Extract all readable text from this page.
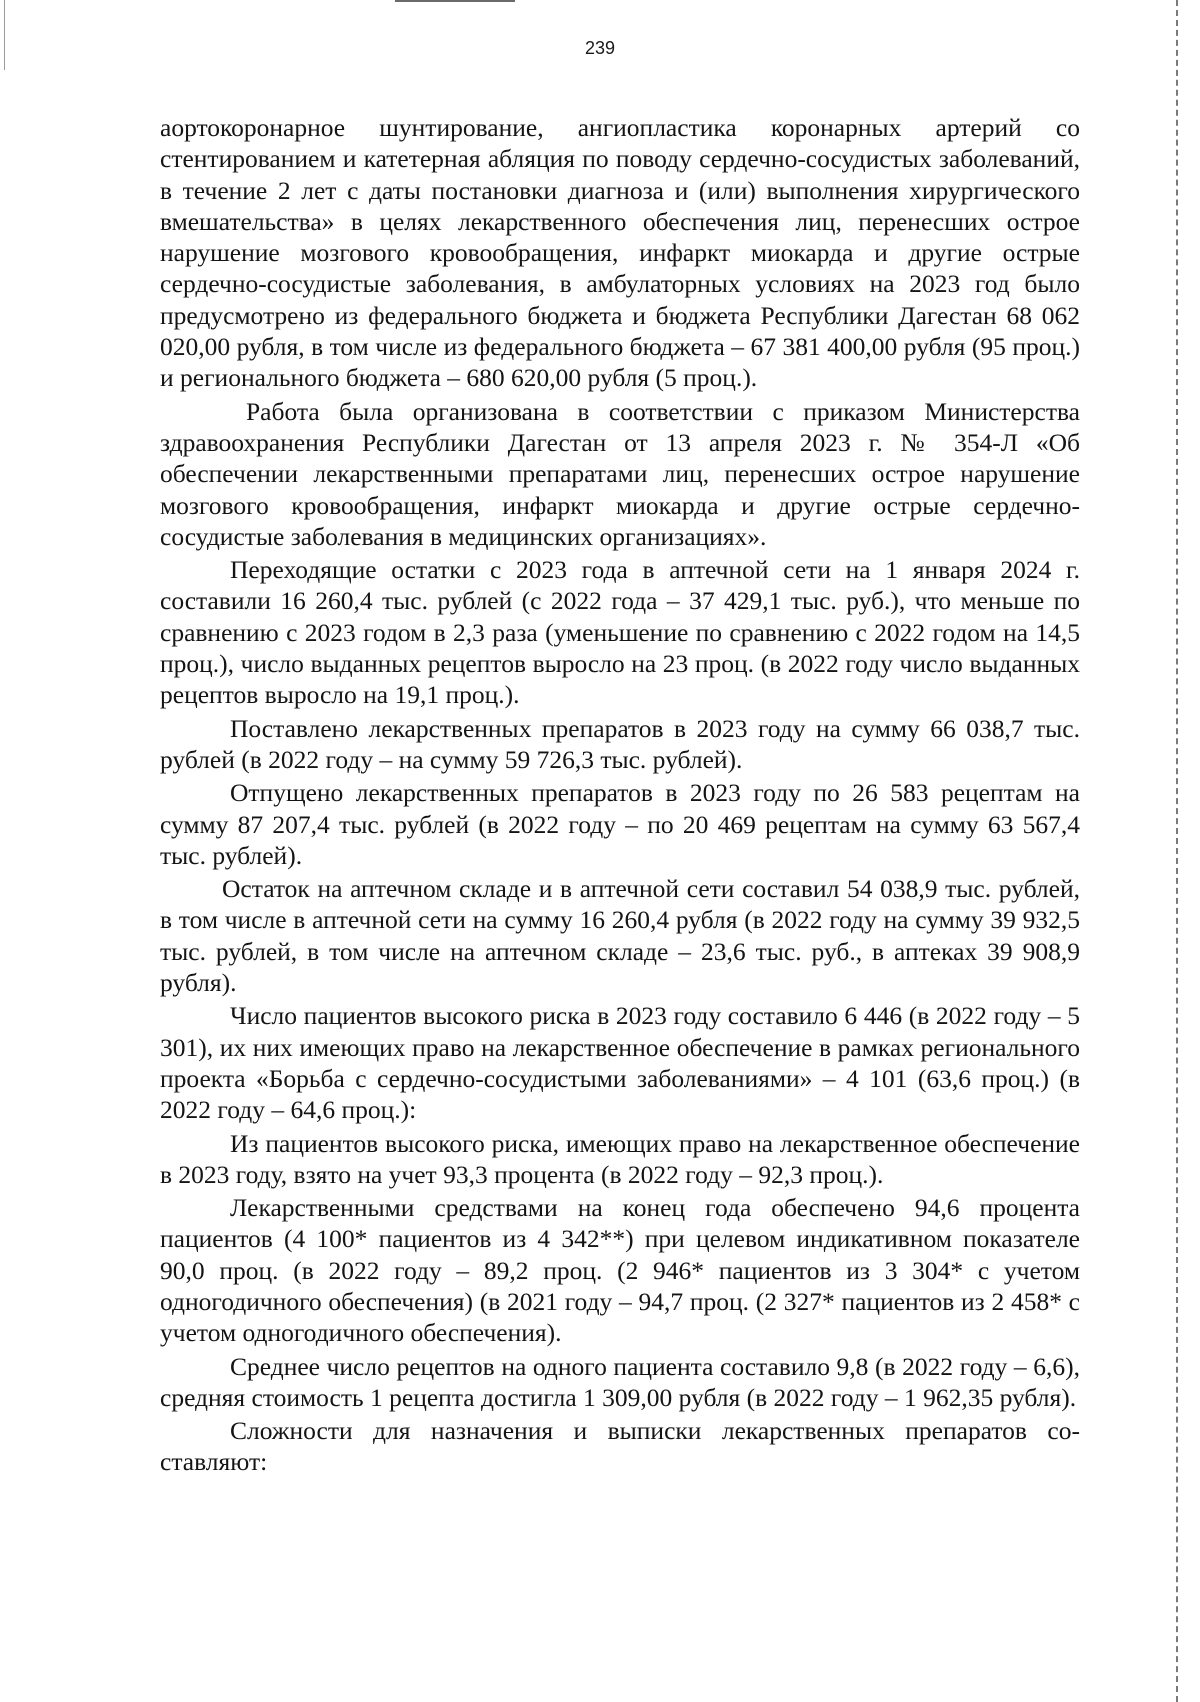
239

аортокоронарное шунтирование, ангиопластика коронарных артерий со стентированием и катетерная абляция по поводу сердечно-сосудистых заболеваний, в течение 2 лет с даты постановки диагноза и (или) выполнения хирургического вмешательства» в целях лекарственного обеспечения лиц, перенесших острое нарушение мозгового кровообращения, инфаркт миокарда и другие острые сердечно-сосудистые заболевания, в амбулаторных условиях на 2023 год было предусмотрено из федерального бюджета и бюджета Республики Дагестан 68 062 020,00 рубля, в том числе из федерального бюджета – 67 381 400,00 рубля (95 проц.) и регионального бюджета – 680 620,00 рубля (5 проц.).

Работа была организована в соответствии с приказом Министерства здравоохранения Республики Дагестан от 13 апреля 2023 г. № 354-Л «Об обеспечении лекарственными препаратами лиц, перенесших острое нарушение мозгового кровообращения, инфаркт миокарда и другие острые сердечно-сосудистые заболевания в медицинских организациях».

Переходящие остатки с 2023 года в аптечной сети на 1 января 2024 г. составили 16 260,4 тыс. рублей (с 2022 года – 37 429,1 тыс. руб.), что меньше по сравнению с 2023 годом в 2,3 раза (уменьшение по сравнению с 2022 годом на 14,5 проц.), число выданных рецептов выросло на 23 проц. (в 2022 году число выданных рецептов выросло на 19,1 проц.).

Поставлено лекарственных препаратов в 2023 году на сумму 66 038,7 тыс. рублей (в 2022 году – на сумму 59 726,3 тыс. рублей).

Отпущено лекарственных препаратов в 2023 году по 26 583 рецептам на сумму 87 207,4 тыс. рублей (в 2022 году – по 20 469 рецептам на сумму 63 567,4 тыс. рублей).

Остаток на аптечном складе и в аптечной сети составил 54 038,9 тыс. рублей, в том числе в аптечной сети на сумму 16 260,4 рубля (в 2022 году на сумму 39 932,5 тыс. рублей, в том числе на аптечном складе – 23,6 тыс. руб., в аптеках 39 908,9 рубля).

Число пациентов высокого риска в 2023 году составило 6 446 (в 2022 году – 5 301), их них имеющих право на лекарственное обеспечение в рамках регионального проекта «Борьба с сердечно-сосудистыми заболеваниями» – 4 101 (63,6 проц.) (в 2022 году – 64,6 проц.):

Из пациентов высокого риска, имеющих право на лекарственное обеспечение в 2023 году, взято на учет 93,3 процента (в 2022 году – 92,3 проц.).

Лекарственными средствами на конец года обеспечено 94,6 процента пациентов (4 100* пациентов из 4 342**) при целевом индикативном показателе 90,0 проц. (в 2022 году – 89,2 проц. (2 946* пациентов из 3 304* с учетом одногодичного обеспечения) (в 2021 году – 94,7 проц. (2 327* пациентов из 2 458* с учетом одногодичного обеспечения).

Среднее число рецептов на одного пациента составило 9,8 (в 2022 году – 6,6), средняя стоимость 1 рецепта достигла 1 309,00 рубля (в 2022 году – 1 962,35 рубля).

Сложности для назначения и выписки лекарственных препаратов составляют:
